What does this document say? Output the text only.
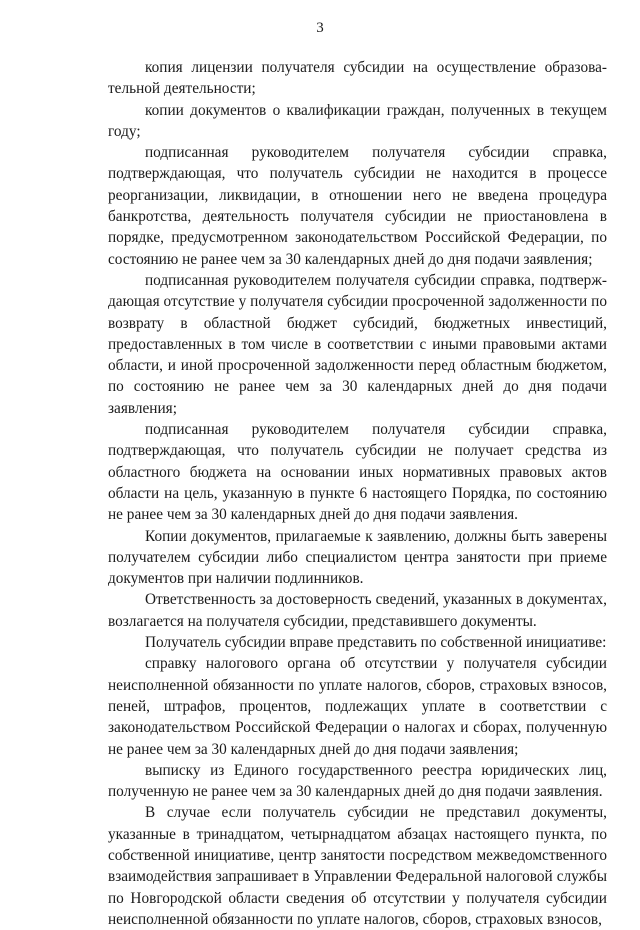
3

копия лицензии получателя субсидии на осуществление образова-тельной деятельности;

копии документов о квалификации граждан, полученных в текущем году;

подписанная руководителем получателя субсидии справка, подтверждающая, что получатель субсидии не находится в процессе реорганизации, ликвидации, в отношении него не введена процедура банкротства, деятельность получателя субсидии не приостановлена в порядке, предусмотренном законодательством Российской Федерации, по состоянию не ранее чем за 30 календарных дней до дня подачи заявления;

подписанная руководителем получателя субсидии справка, подтверж-дающая отсутствие у получателя субсидии просроченной задолженности по возврату в областной бюджет субсидий, бюджетных инвестиций, предоставленных в том числе в соответствии с иными правовыми актами области, и иной просроченной задолженности перед областным бюджетом, по состоянию не ранее чем за 30 календарных дней до дня подачи заявления;

подписанная руководителем получателя субсидии справка, подтверждающая, что получатель субсидии не получает средства из областного бюджета на основании иных нормативных правовых актов области на цель, указанную в пункте 6 настоящего Порядка, по состоянию не ранее чем за 30 календарных дней до дня подачи заявления.

Копии документов, прилагаемые к заявлению, должны быть заверены получателем субсидии либо специалистом центра занятости при приеме документов при наличии подлинников.

Ответственность за достоверность сведений, указанных в документах, возлагается на получателя субсидии, представившего документы.

Получатель субсидии вправе представить по собственной инициативе:

справку налогового органа об отсутствии у получателя субсидии неисполненной обязанности по уплате налогов, сборов, страховых взносов, пеней, штрафов, процентов, подлежащих уплате в соответствии с законодательством Российской Федерации о налогах и сборах, полученную не ранее чем за 30 календарных дней до дня подачи заявления;

выписку из Единого государственного реестра юридических лиц, полученную не ранее чем за 30 календарных дней до дня подачи заявления.

В случае если получатель субсидии не представил документы, указанные в тринадцатом, четырнадцатом абзацах настоящего пункта, по собственной инициативе, центр занятости посредством межведомственного взаимодействия запрашивает в Управлении Федеральной налоговой службы по Новгородской области сведения об отсутствии у получателя субсидии неисполненной обязанности по уплате налогов, сборов, страховых взносов,
